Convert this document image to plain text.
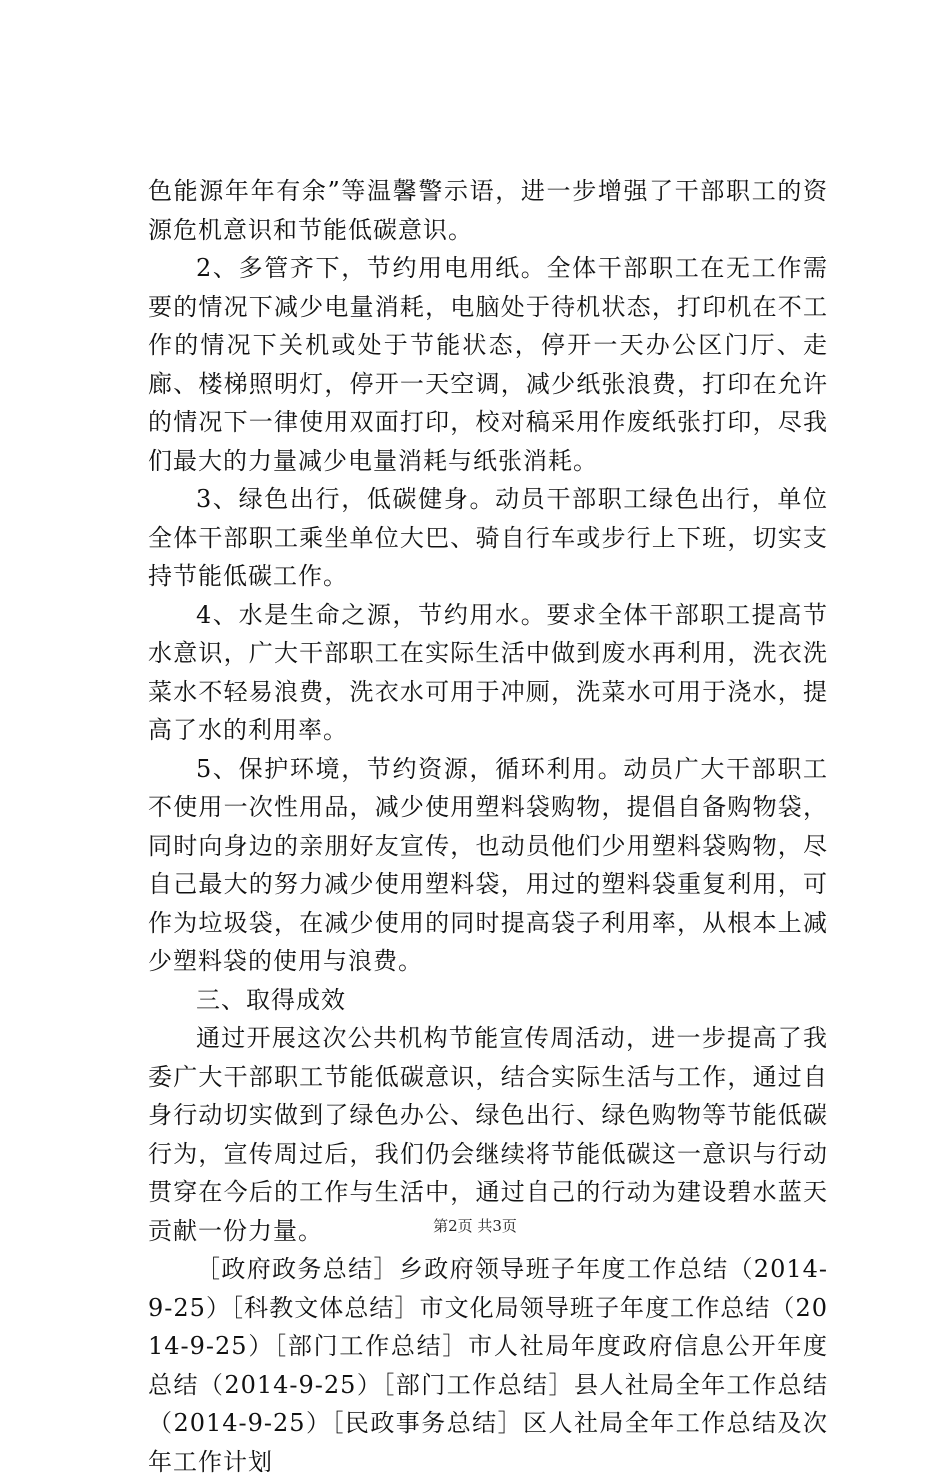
色能源年年有余”等温馨警示语，进一步增强了干部职工的资源危机意识和节能低碳意识。

2、多管齐下，节约用电用纸。全体干部职工在无工作需要的情况下减少电量消耗，电脑处于待机状态，打印机在不工作的情况下关机或处于节能状态，停开一天办公区门厅、走廊、楼梯照明灯，停开一天空调，减少纸张浪费，打印在允许的情况下一律使用双面打印，校对稿采用作废纸张打印，尽我们最大的力量减少电量消耗与纸张消耗。

3、绿色出行，低碳健身。动员干部职工绿色出行，单位全体干部职工乘坐单位大巴、骑自行车或步行上下班，切实支持节能低碳工作。

4、水是生命之源，节约用水。要求全体干部职工提高节水意识，广大干部职工在实际生活中做到废水再利用，洗衣洗菜水不轻易浪费，洗衣水可用于冲厕，洗菜水可用于浇水，提高了水的利用率。

5、保护环境，节约资源，循环利用。动员广大干部职工不使用一次性用品，减少使用塑料袋购物，提倡自备购物袋，同时向身边的亲朋好友宣传，也动员他们少用塑料袋购物，尽自己最大的努力减少使用塑料袋，用过的塑料袋重复利用，可作为垃圾袋，在减少使用的同时提高袋子利用率，从根本上减少塑料袋的使用与浪费。

三、取得成效

通过开展这次公共机构节能宣传周活动，进一步提高了我委广大干部职工节能低碳意识，结合实际生活与工作，通过自身行动切实做到了绿色办公、绿色出行、绿色购物等节能低碳行为，宣传周过后，我们仍会继续将节能低碳这一意识与行动贯穿在今后的工作与生活中，通过自己的行动为建设碧水蓝天贡献一份力量。

［政府政务总结］乡政府领导班子年度工作总结（2014-9-25）［科教文体总结］市文化局领导班子年度工作总结（2014-9-25）［部门工作总结］市人社局年度政府信息公开年度总结（2014-9-25）［部门工作总结］县人社局全年工作总结（2014-9-25）［民政事务总结］区人社局全年工作总结及次年工作计划

第2页 共3页
